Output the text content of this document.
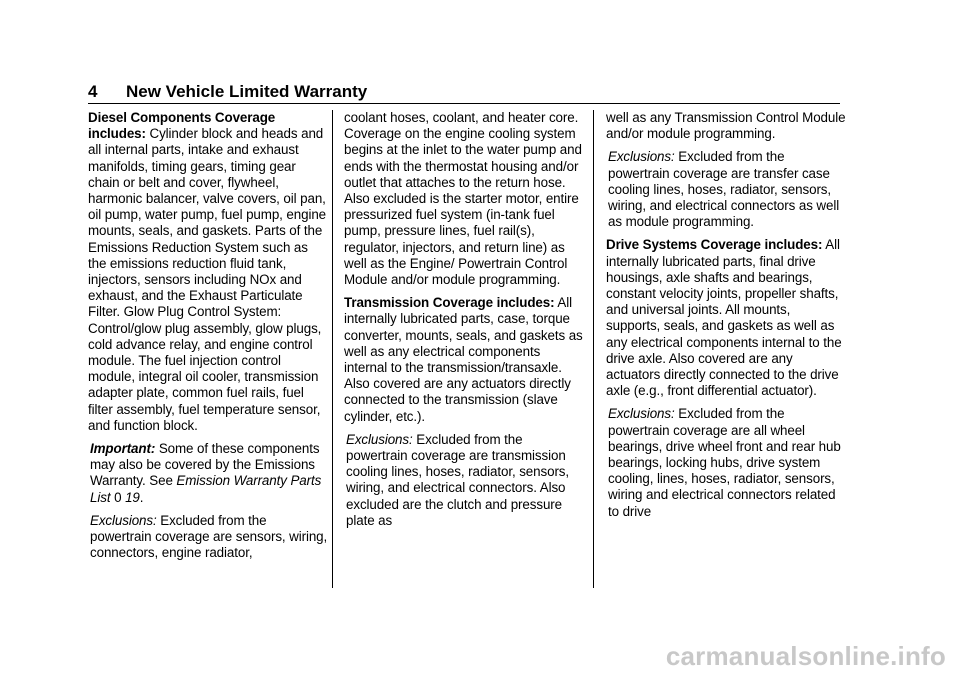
4 New Vehicle Limited Warranty

Diesel Components Coverage includes: Cylinder block and heads and all internal parts, intake and exhaust manifolds, timing gears, timing gear chain or belt and cover, flywheel, harmonic balancer, valve covers, oil pan, oil pump, water pump, fuel pump, engine mounts, seals, and gaskets. Parts of the Emissions Reduction System such as the emissions reduction fluid tank, injectors, sensors including NOx and exhaust, and the Exhaust Particulate Filter. Glow Plug Control System: Control/glow plug assembly, glow plugs, cold advance relay, and engine control module. The fuel injection control module, integral oil cooler, transmission adapter plate, common fuel rails, fuel filter assembly, fuel temperature sensor, and function block.

Important: Some of these components may also be covered by the Emissions Warranty. See Emission Warranty Parts List 0 19.

Exclusions: Excluded from the powertrain coverage are sensors, wiring, connectors, engine radiator,

coolant hoses, coolant, and heater core. Coverage on the engine cooling system begins at the inlet to the water pump and ends with the thermostat housing and/or outlet that attaches to the return hose. Also excluded is the starter motor, entire pressurized fuel system (in-tank fuel pump, pressure lines, fuel rail(s), regulator, injectors, and return line) as well as the Engine/ Powertrain Control Module and/or module programming.

Transmission Coverage includes: All internally lubricated parts, case, torque converter, mounts, seals, and gaskets as well as any electrical components internal to the transmission/transaxle. Also covered are any actuators directly connected to the transmission (slave cylinder, etc.).

Exclusions: Excluded from the powertrain coverage are transmission cooling lines, hoses, radiator, sensors, wiring, and electrical connectors. Also excluded are the clutch and pressure plate as

well as any Transmission Control Module and/or module programming.

Exclusions: Excluded from the powertrain coverage are transfer case cooling lines, hoses, radiator, sensors, wiring, and electrical connectors as well as module programming.

Drive Systems Coverage includes: All internally lubricated parts, final drive housings, axle shafts and bearings, constant velocity joints, propeller shafts, and universal joints. All mounts, supports, seals, and gaskets as well as any electrical components internal to the drive axle. Also covered are any actuators directly connected to the drive axle (e.g., front differential actuator).

Exclusions: Excluded from the powertrain coverage are all wheel bearings, drive wheel front and rear hub bearings, locking hubs, drive system cooling, lines, hoses, radiator, sensors, wiring and electrical connectors related to drive

carmanualsonline.info
